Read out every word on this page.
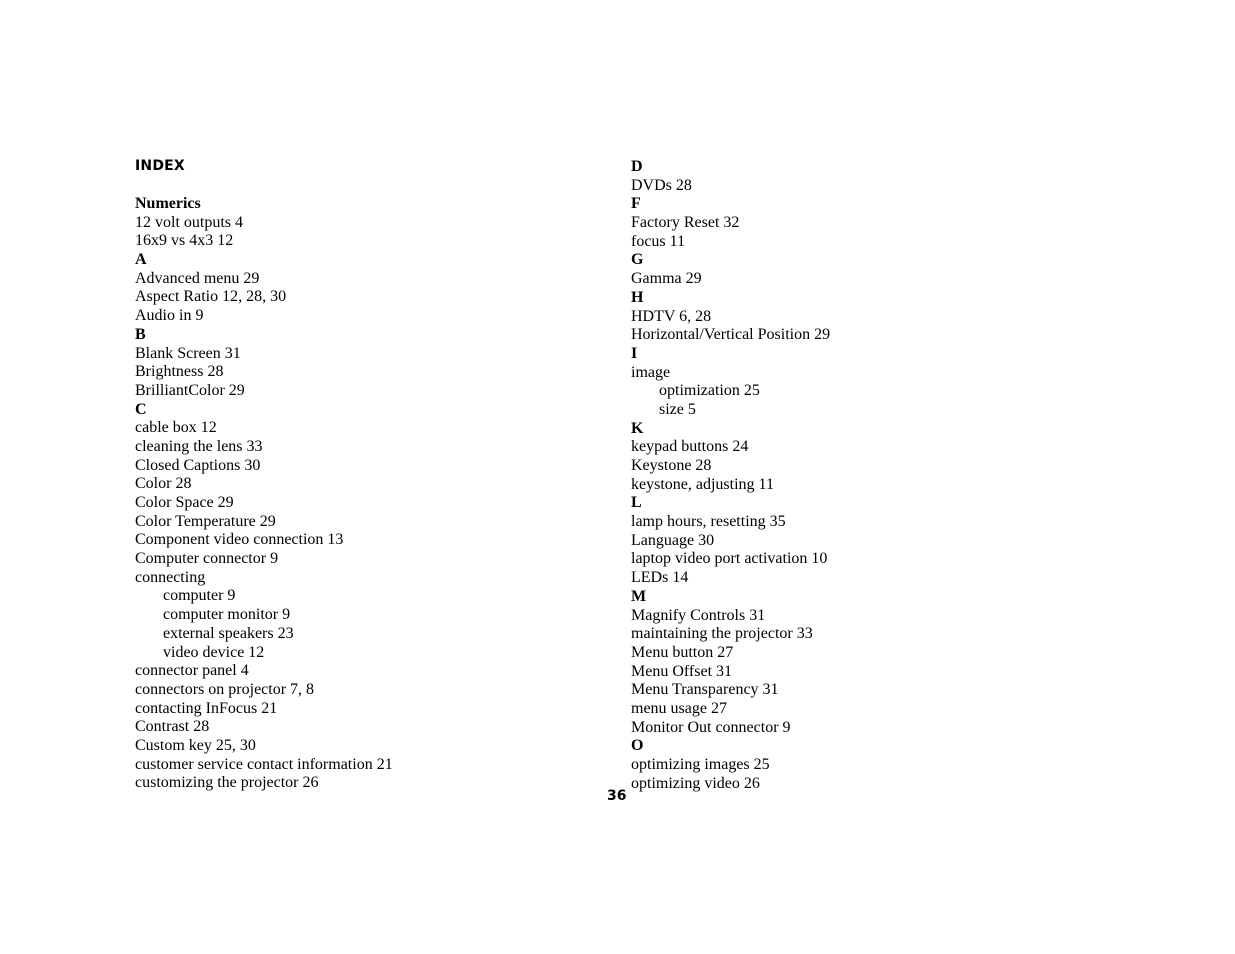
INDEX
Numerics
12 volt outputs 4
16x9 vs 4x3 12
A
Advanced menu 29
Aspect Ratio 12, 28, 30
Audio in 9
B
Blank Screen 31
Brightness 28
BrilliantColor 29
C
cable box 12
cleaning the lens 33
Closed Captions 30
Color 28
Color Space 29
Color Temperature 29
Component video connection 13
Computer connector 9
connecting
computer 9
computer monitor 9
external speakers 23
video device 12
connector panel 4
connectors on projector 7, 8
contacting InFocus 21
Contrast 28
Custom key 25, 30
customer service contact information 21
customizing the projector 26
D
DVDs 28
F
Factory Reset 32
focus 11
G
Gamma 29
H
HDTV 6, 28
Horizontal/Vertical Position 29
I
image
optimization 25
size 5
K
keypad buttons 24
Keystone 28
keystone, adjusting 11
L
lamp hours, resetting 35
Language 30
laptop video port activation 10
LEDs 14
M
Magnify Controls 31
maintaining the projector 33
Menu button 27
Menu Offset 31
Menu Transparency 31
menu usage 27
Monitor Out connector 9
O
optimizing images 25
optimizing video 26
36
